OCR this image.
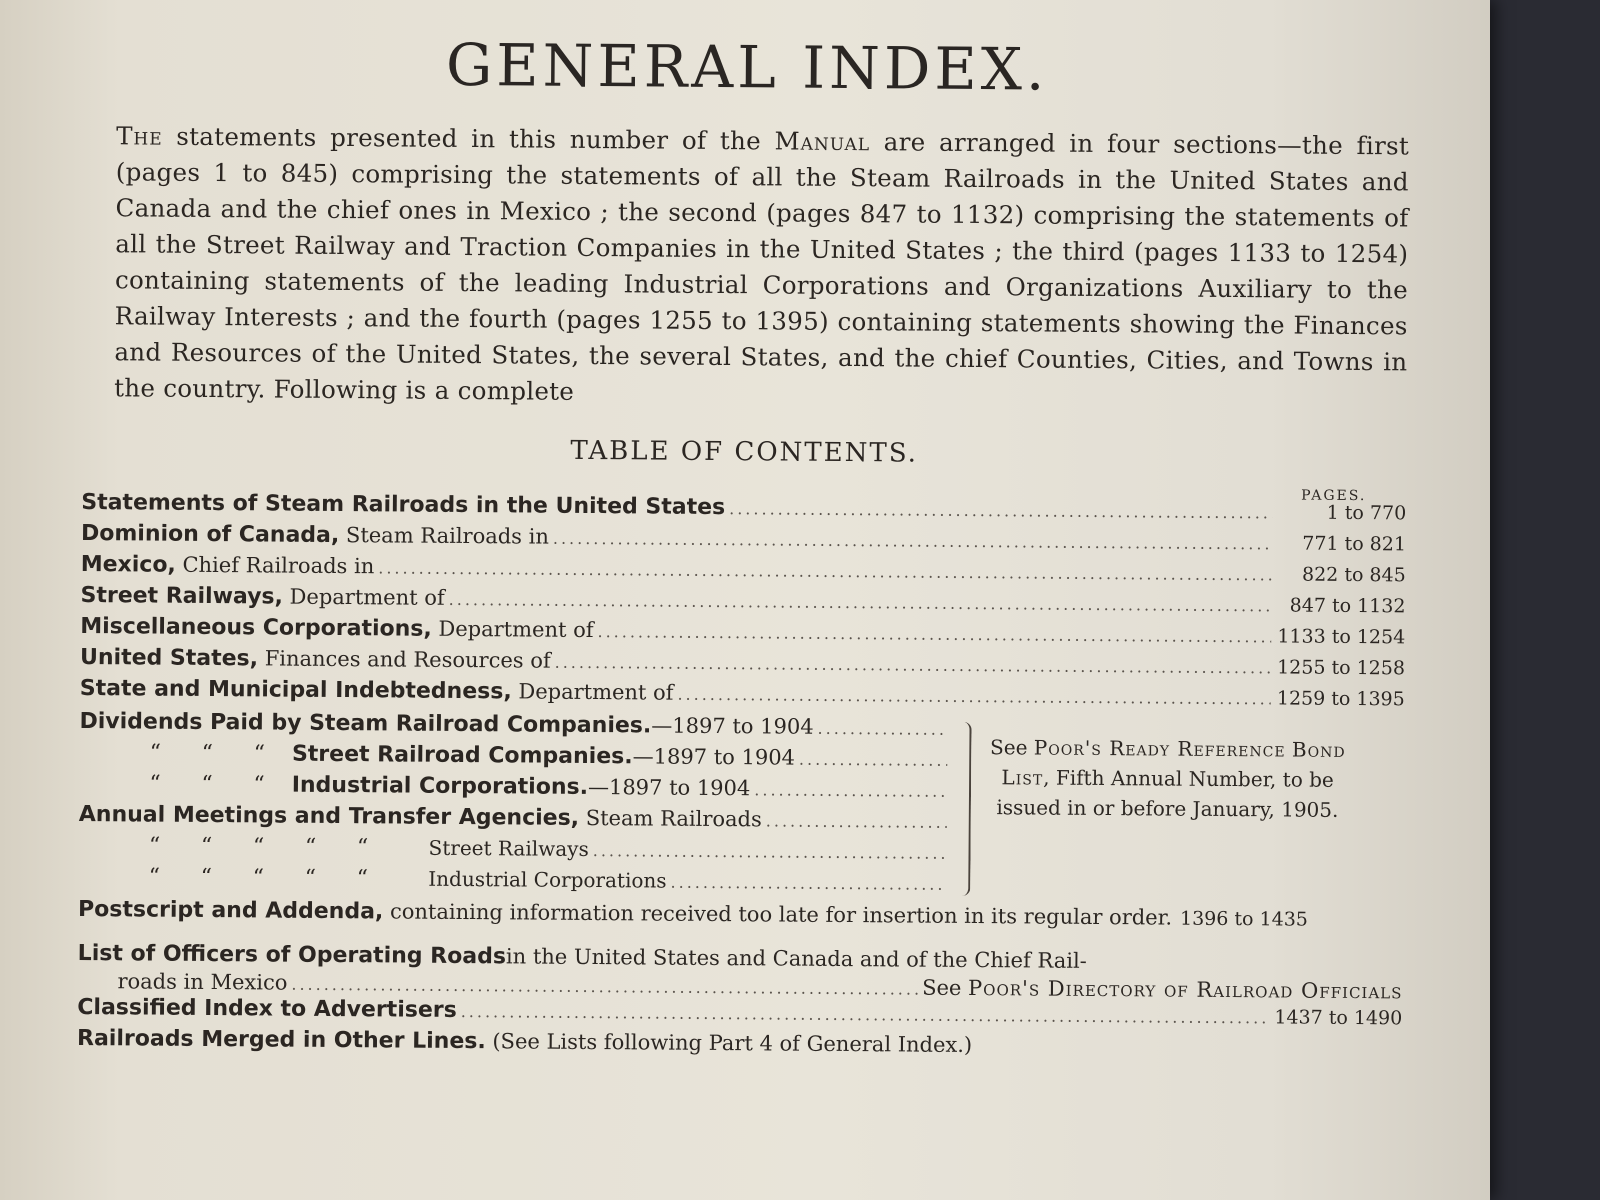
GENERAL INDEX.

The statements presented in this number of the Manual are arranged in four sections—the first (pages 1 to 845) comprising the statements of all the Steam Railroads in the United States and Canada and the chief ones in Mexico ; the second (pages 847 to 1132) comprising the statements of all the Street Railway and Traction Companies in the United States ; the third (pages 1133 to 1254) containing statements of the leading Industrial Corporations and Organizations Auxiliary to the Railway Interests ; and the fourth (pages 1255 to 1395) containing statements showing the Finances and Resources of the United States, the several States, and the chief Counties, Cities, and Towns in the country. Following is a complete

TABLE OF CONTENTS.
PAGES.
Statements of Steam Railroads in the United States .....	1 to 770
Dominion of Canada, Steam Railroads in .....	771 to 821
Mexico, Chief Railroads in .....	822 to 845
Street Railways, Department of .....	847 to 1132
Miscellaneous Corporations, Department of .....	1133 to 1254
United States, Finances and Resources of .....	1255 to 1258
State and Municipal Indebtedness, Department of .....	1259 to 1395
Dividends Paid by Steam Railroad Companies.—1897 to 1904
.....
“ “ “ Street Railroad Companies.—1897 to 1904
.....
“ “ “ Industrial Corporations.—1897 to 1904
.....
Annual Meetings and Transfer Agencies, Steam Railroads
.....
“ “ “ “ “	Street Railways
.....
“ “ “ “ “	Industrial Corporations
.....
See Poor's Ready Reference Bond List, Fifth Annual Number, to be issued in or before January, 1905.
Postscript and Addenda, containing information received too late for insertion in its regular order. 1396 to 1435
List of Officers of Operating Roads in the United States and Canada and of the Chief Rail-
roads in Mexico .....	See Poor's Directory of Railroad Officials
Classified Index to Advertisers .....	1437 to 1490
Railroads Merged in Other Lines. (See Lists following Part 4 of General Index.)
